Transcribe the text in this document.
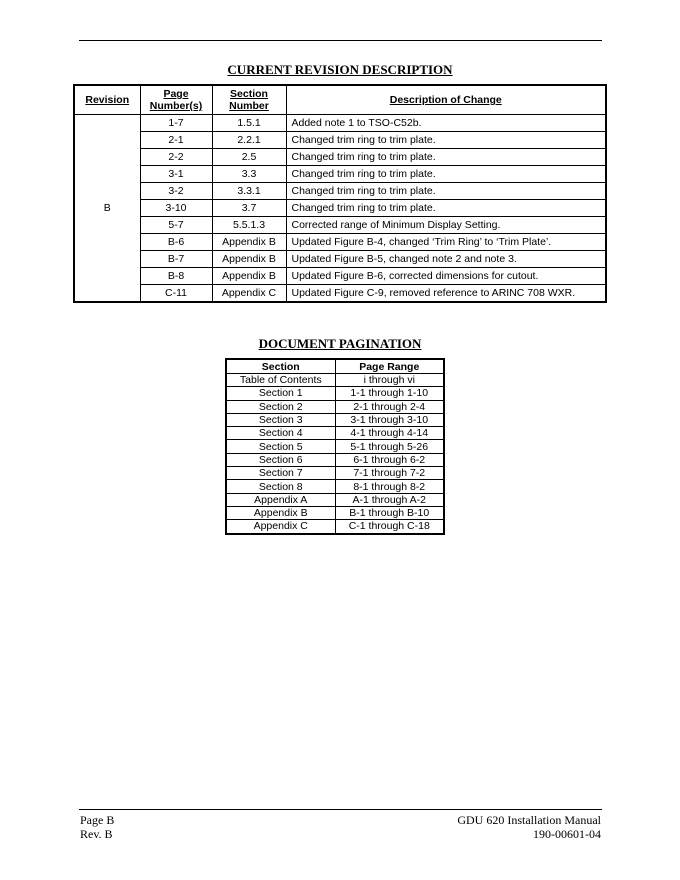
CURRENT REVISION DESCRIPTION
Revision	Page Number(s)	Section Number	Description of Change
B	1-7	1.5.1	Added note 1 to TSO-C52b.
	2-1	2.2.1	Changed trim ring to trim plate.
	2-2	2.5	Changed trim ring to trim plate.
	3-1	3.3	Changed trim ring to trim plate.
	3-2	3.3.1	Changed trim ring to trim plate.
	3-10	3.7	Changed trim ring to trim plate.
	5-7	5.5.1.3	Corrected range of Minimum Display Setting.
	B-6	Appendix B	Updated Figure B-4, changed ‘Trim Ring’ to ‘Trim Plate’.
	B-7	Appendix B	Updated Figure B-5, changed note 2 and note 3.
	B-8	Appendix B	Updated Figure B-6, corrected dimensions for cutout.
	C-11	Appendix C	Updated Figure C-9, removed reference to ARINC 708 WXR.
DOCUMENT PAGINATION
Section	Page Range
Table of Contents	i through vi
Section 1	1-1 through 1-10
Section 2	2-1 through 2-4
Section 3	3-1 through 3-10
Section 4	4-1 through 4-14
Section 5	5-1 through 5-26
Section 6	6-1 through 6-2
Section 7	7-1 through 7-2
Section 8	8-1 through 8-2
Appendix A	A-1 through A-2
Appendix B	B-1 through B-10
Appendix C	C-1 through C-18
Page B
Rev. B
GDU 620 Installation Manual
190-00601-04
